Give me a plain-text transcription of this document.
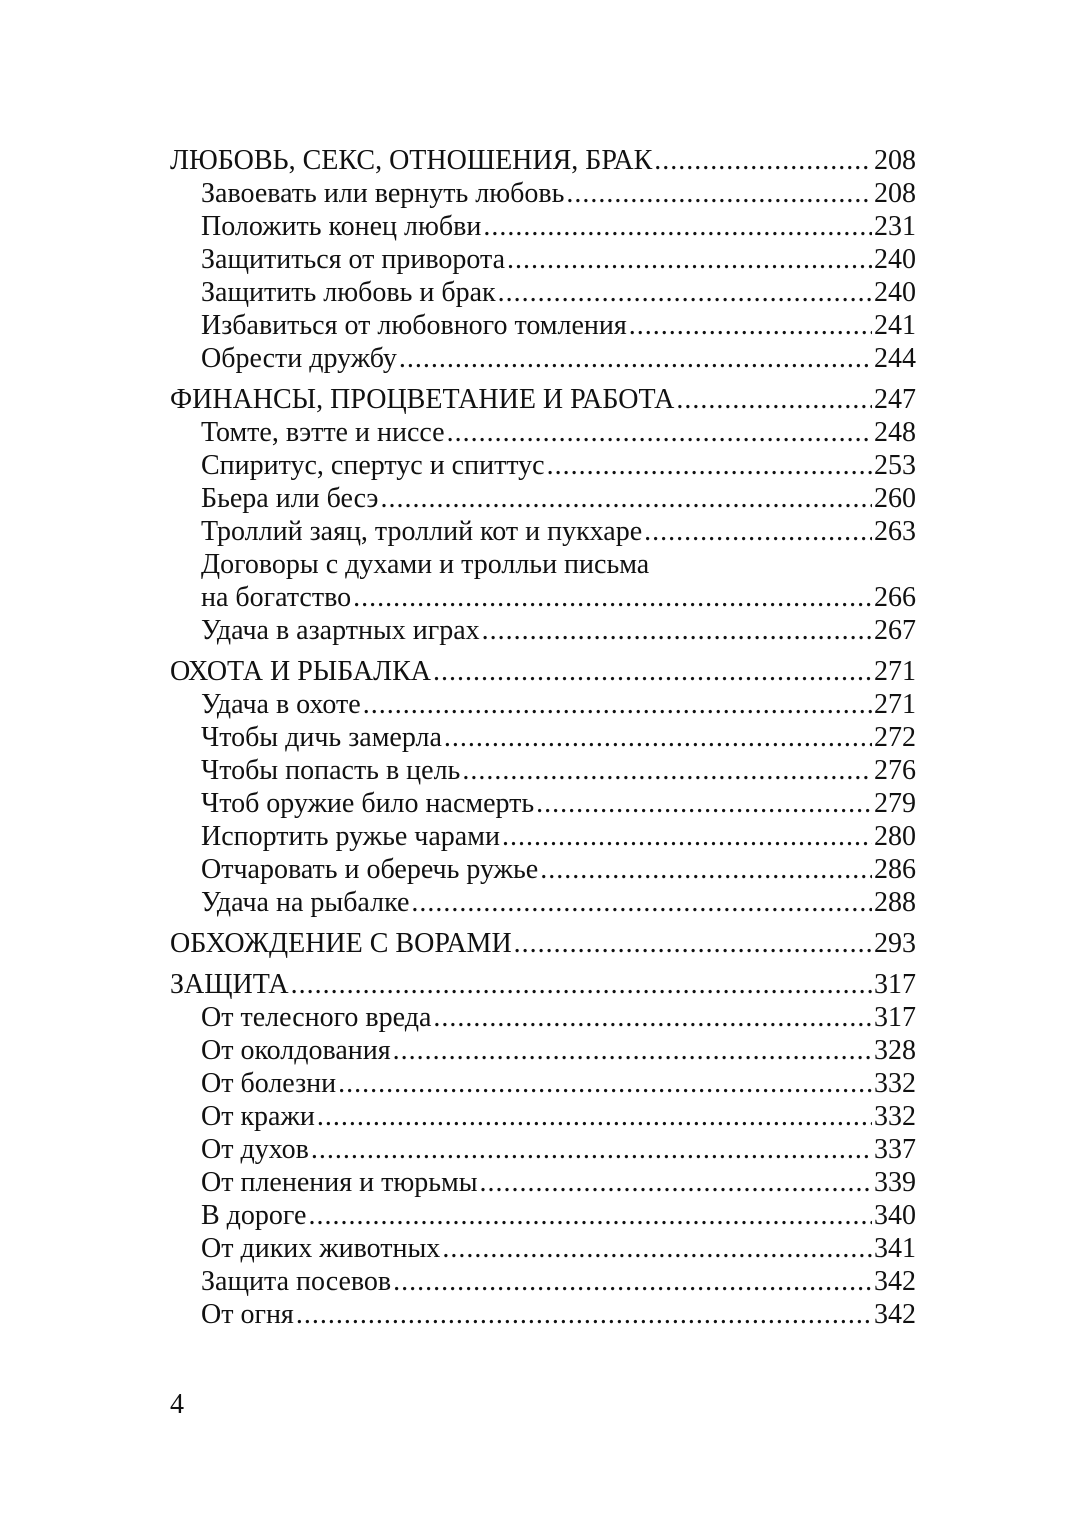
ЛЮБОВЬ, СЕКС, ОТНОШЕНИЯ, БРАК .....	208
Завоевать или вернуть любовь .....	208
Положить конец любви .....	231
Защититься от приворота .....	240
Защитить любовь и брак .....	240
Избавиться от любовного томления .....	241
Обрести дружбу .....	244
ФИНАНСЫ, ПРОЦВЕТАНИЕ И РАБОТА .....	247
Томте, вэтте и ниссе .....	248
Спиритус, спертус и спиттус .....	253
Бьера или бесэ .....	260
Троллий заяц, троллий кот и пукхаре .....	263
Договоры с духами и тролльи письма
на богатство .....	266
Удача в азартных играх .....	267
ОХОТА И РЫБАЛКА .....	271
Удача в охоте .....	271
Чтобы дичь замерла .....	272
Чтобы попасть в цель .....	276
Чтоб оружие било насмерть .....	279
Испортить ружье чарами .....	280
Отчаровать и оберечь ружье .....	286
Удача на рыбалке .....	288
ОБХОЖДЕНИЕ С ВОРАМИ .....	293
ЗАЩИТА .....	317
От телесного вреда .....	317
От околдования .....	328
От болезни .....	332
От кражи .....	332
От духов .....	337
От пленения и тюрьмы .....	339
В дороге .....	340
От диких животных .....	341
Защита посевов .....	342
От огня .....	342
4
